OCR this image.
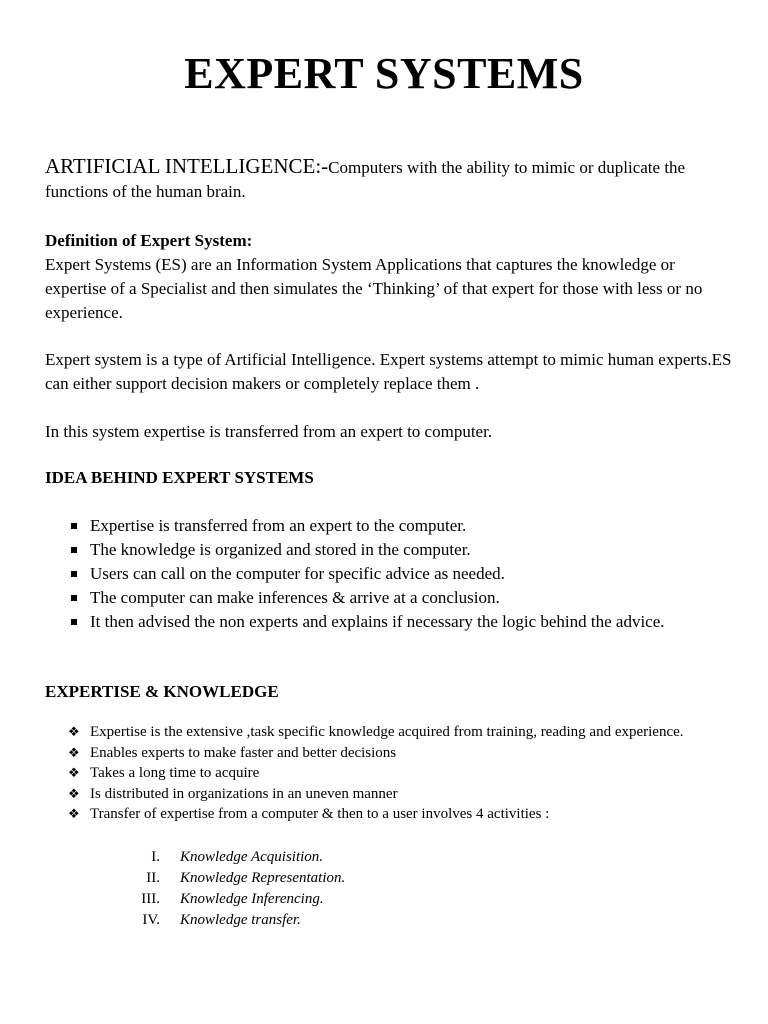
EXPERT SYSTEMS

ARTIFICIAL INTELLIGENCE:-Computers with the ability to mimic or duplicate the functions of the human brain.

Definition of Expert System:

Expert Systems (ES) are an Information System Applications that captures the knowledge or expertise of a Specialist and then simulates the ‘Thinking’ of that expert for those with less or no experience.

Expert system is a type of Artificial Intelligence. Expert systems attempt to mimic human experts.ES can either support decision makers or completely replace them .

In this system expertise is transferred from an expert to computer.

IDEA BEHIND EXPERT SYSTEMS

Expertise is transferred from an expert to the computer.
The knowledge is organized and stored in the computer.
Users can call on the computer for specific advice as needed.
The computer can make inferences & arrive at a conclusion.
It then advised the non experts and explains if necessary the logic behind the advice.

EXPERTISE & KNOWLEDGE

❖ Expertise is the extensive ,task specific knowledge acquired from training, reading and experience.
❖ Enables experts to make faster and better decisions
❖ Takes a long time to acquire
❖ Is distributed in organizations in an uneven manner
❖ Transfer of expertise from a computer & then to a user involves 4 activities :
I. Knowledge Acquisition.
II. Knowledge Representation.
III. Knowledge Inferencing.
IV. Knowledge transfer.
